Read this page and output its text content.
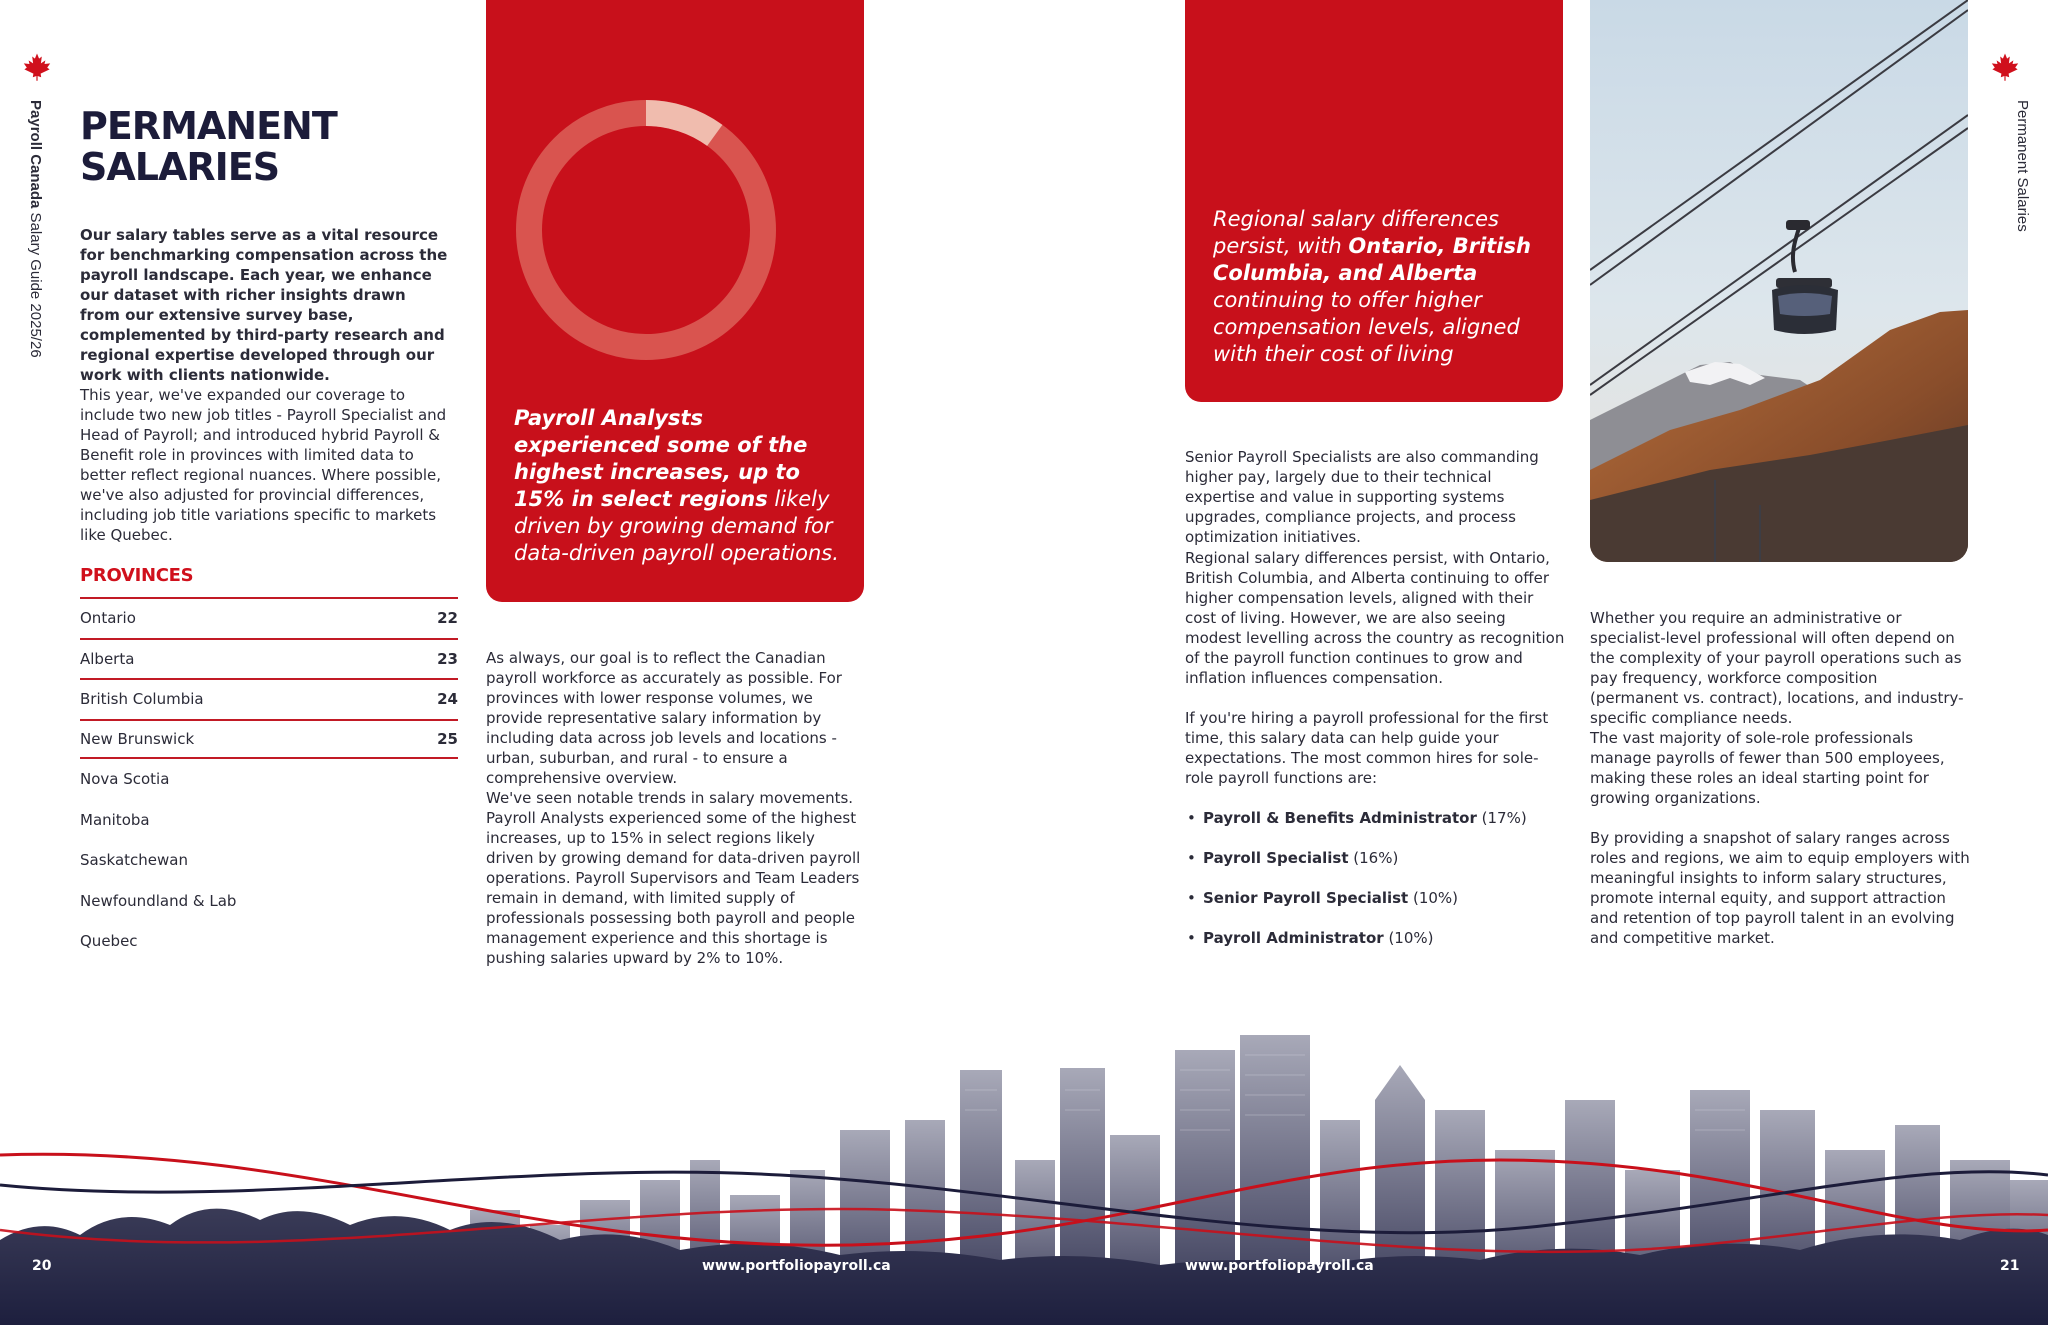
Payroll Canada Salary Guide 2025/26
Permanent Salaries
PERMANENT
SALARIES
Our salary tables serve as a vital resource for benchmarking compensation across the payroll landscape. Each year, we enhance our dataset with richer insights drawn from our extensive survey base, complemented by third-party research and regional expertise developed through our work with clients nationwide.
This year, we've expanded our coverage to include two new job titles - Payroll Specialist and Head of Payroll; and introduced hybrid Payroll & Benefit role in provinces with limited data to better reflect regional nuances. Where possible, we've also adjusted for provincial differences, including job title variations specific to markets like Quebec.
PROVINCES
Ontario	22
Alberta	23
British Columbia	24
New Brunswick	25
Nova Scotia
Manitoba
Saskatchewan
Newfoundland & Lab
Quebec
Payroll Analysts experienced some of the highest increases, up to 15% in select regions likely driven by growing demand for data-driven payroll operations.
As always, our goal is to reflect the Canadian payroll workforce as accurately as possible. For provinces with lower response volumes, we provide representative salary information by including data across job levels and locations - urban, suburban, and rural - to ensure a comprehensive overview.
We've seen notable trends in salary movements. Payroll Analysts experienced some of the highest increases, up to 15% in select regions likely driven by growing demand for data-driven payroll operations. Payroll Supervisors and Team Leaders remain in demand, with limited supply of professionals possessing both payroll and people management experience and this shortage is pushing salaries upward by 2% to 10%.
Regional salary differences persist, with Ontario, British Columbia, and Alberta continuing to offer higher compensation levels, aligned with their cost of living
Senior Payroll Specialists are also commanding higher pay, largely due to their technical expertise and value in supporting systems upgrades, compliance projects, and process optimization initiatives.
Regional salary differences persist, with Ontario, British Columbia, and Alberta continuing to offer higher compensation levels, aligned with their cost of living. However, we are also seeing modest levelling across the country as recognition of the payroll function continues to grow and inflation influences compensation.
If you're hiring a payroll professional for the first time, this salary data can help guide your expectations. The most common hires for sole-role payroll functions are:
• Payroll & Benefits Administrator (17%)
• Payroll Specialist (16%)
• Senior Payroll Specialist (10%)
• Payroll Administrator (10%)
Whether you require an administrative or specialist-level professional will often depend on the complexity of your payroll operations such as pay frequency, workforce composition (permanent vs. contract), locations, and industry-specific compliance needs.
The vast majority of sole-role professionals manage payrolls of fewer than 500 employees, making these roles an ideal starting point for growing organizations.
By providing a snapshot of salary ranges across roles and regions, we aim to equip employers with meaningful insights to inform salary structures, promote internal equity, and support attraction and retention of top payroll talent in an evolving and competitive market.
20	www.portfoliopayroll.ca	www.portfoliopayroll.ca	21
